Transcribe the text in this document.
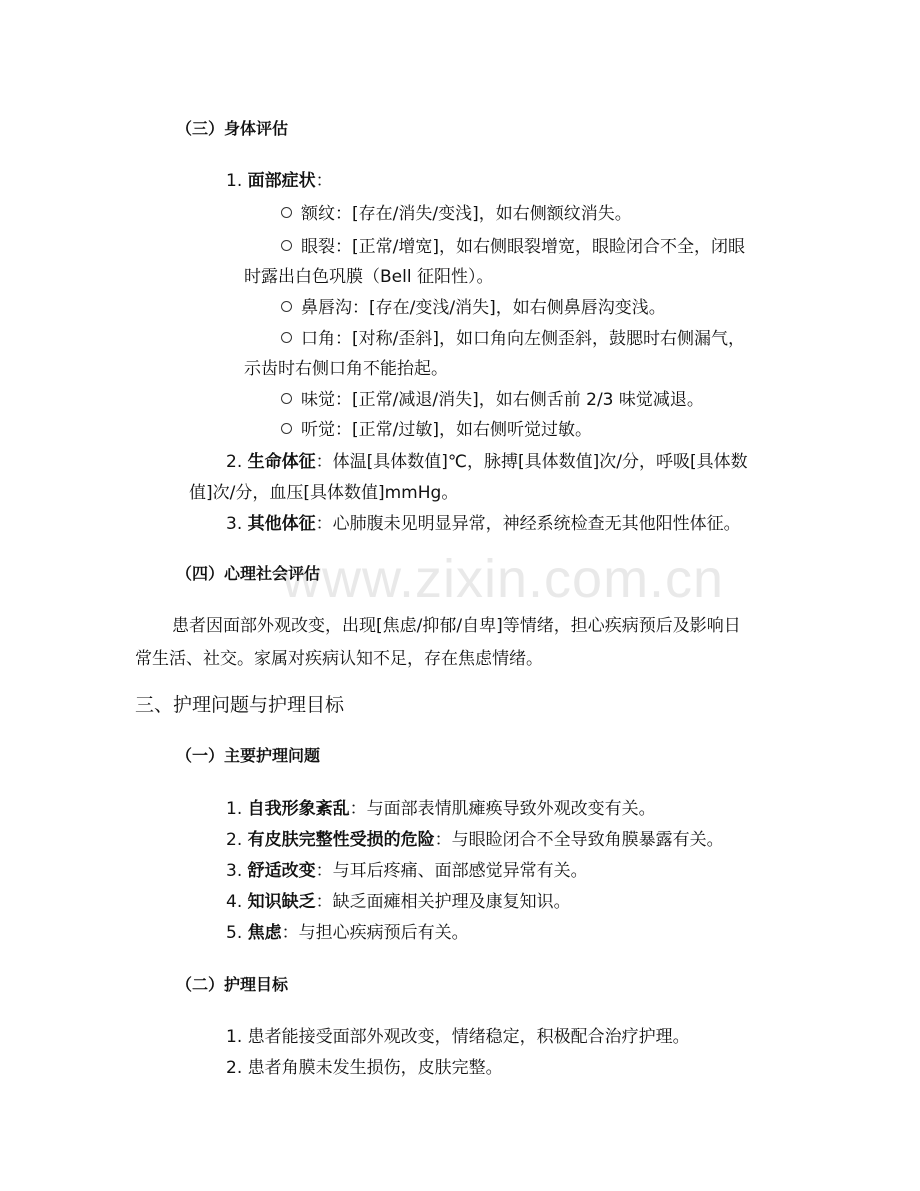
www.zixin.com.cn
（三）身体评估
1. 面部症状：
额纹：[存在/消失/变浅]，如右侧额纹消失。
眼裂：[正常/增宽]，如右侧眼裂增宽，眼睑闭合不全，闭眼
时露出白色巩膜（Bell 征阳性）。
鼻唇沟：[存在/变浅/消失]，如右侧鼻唇沟变浅。
口角：[对称/歪斜]，如口角向左侧歪斜，鼓腮时右侧漏气，
示齿时右侧口角不能抬起。
味觉：[正常/减退/消失]，如右侧舌前 2/3 味觉减退。
听觉：[正常/过敏]，如右侧听觉过敏。
2. 生命体征：体温[具体数值]℃，脉搏[具体数值]次/分，呼吸[具体数
值]次/分，血压[具体数值]mmHg。
3. 其他体征：心肺腹未见明显异常，神经系统检查无其他阳性体征。
（四）心理社会评估
患者因面部外观改变，出现[焦虑/抑郁/自卑]等情绪，担心疾病预后及影响日
常生活、社交。家属对疾病认知不足，存在焦虑情绪。
三、护理问题与护理目标
（一）主要护理问题
1. 自我形象紊乱：与面部表情肌瘫痪导致外观改变有关。
2. 有皮肤完整性受损的危险：与眼睑闭合不全导致角膜暴露有关。
3. 舒适改变：与耳后疼痛、面部感觉异常有关。
4. 知识缺乏：缺乏面瘫相关护理及康复知识。
5. 焦虑：与担心疾病预后有关。
（二）护理目标
1. 患者能接受面部外观改变，情绪稳定，积极配合治疗护理。
2. 患者角膜未发生损伤，皮肤完整。
